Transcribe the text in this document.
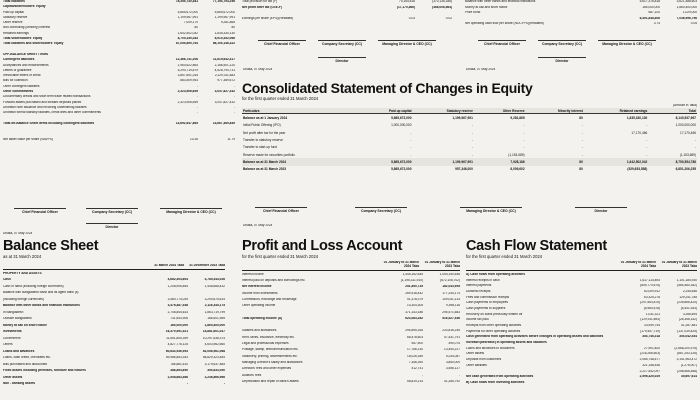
Total liabilities	78,355,740,481	77,194,794,256
Capital/shareholders' equity
Paid up capital	5,865,672,000	5,865,672,000
Statutory reserve	1,199,967,991	1,199,967,991
Other reserve	7,009,170	9,281,865
Non-controlling (Minority) interest	80	80
Retained earnings	1,642,502,042	1,835,330,130
Total shareholders' equity	8,700,150,283	8,910,352,066
Total liabilities and shareholders' equity	87,055,890,764	86,105,146,322
OFF-BALANCE SHEET ITEMS
Contingent liabilities	12,368,741,206	11,619,642,417
Acceptances and endorsements	1,960,622,864	2,186,501,120
Letters of guarantee	5,294,719,879	4,528,794,731
Irrevocable letters of credit	3,857,691,254	2,229,011,683
Bills for collection	883,509,953	977,389,672
Other contingent liabilities	-	-
Other commitments	2,323,906,659	3,047,827,432
Documentary credits and short term trade related transactions	-	-
Forward assets purchased and forward deposits placed	2,323,906,659	3,047,827,432
Undrawn note issuance and revolving underwriting facilities	-	-
Undrawn formal standby facilities, credit lines and other commitments	-	-
Total off-Balance Sheet items including contingent liabilities	14,692,647,865	14,667,469,849
Net asset value per share (NAVPS)	13.26	11.79
Total provision for tax (F)	70,164,616	(370,136,188)
Net profit after tax (G=E-F)	(17,170,466)	(468,006,564)
Earnings per share (EPS)(Restated)	0.03	0.02
Balance with other banks and financial institutions	5,617,376,818	3,621,488,603
Money at call and short notice	165,000,000	1,860,400,000
Prize bond	687,100	1,029,000
6,491,848,806	7,046,996,796
Net operating cash flow per share (NOCFPS)(Restated)	3.74	0.05
Chief Financial Officer	Company Secretary (CC)	Managing Director & CEO (CC)
Director
Dhaka, 07 May 2024
Chief Financial Officer	Company Secretary (CC)	Managing Director & CEO (CC)
Director
Dhaka, 07 May 2024
Consolidated Statement of Changes in Equity
for the first quarter ended 31 March 2024
(Amount in Taka)
Particulars	Paid up capital	Statutory reserve	Other Reserve	Minority interest	Retained earnings	Total
Balance as at 1 January 2024	5,865,672,000	1,199,967,991	9,281,865	80	1,835,330,130	8,140,537,967
Initial Public Offering (IPO)	1,000,000,000	-	-	-	-	1,000,000,000
Net profit after tax for the year	-	-	-	-	17,170,466	17,170,466
Transfer to statutory reserve	-	-	-	-	-	-
Transfer to start-up fund	-	-	-	-	-	-
Reserve made for securities portfolio	-	-	(1,153,689)	-	-	(1,153,689)
Balance as at 31 March 2024	5,865,672,000	1,199,967,991	7,928,186	80	1,642,502,042	8,750,554,786
Balance as at 31 March 2023	5,865,672,000	957,346,000	8,009,602	80	(529,653,558)	6,851,206,255
Chief Financial Officer	Company Secretary (CC)	Managing Director & CEO (CC)
Director
Dhaka, 07 May 2024
Chief Financial Officer	Company Secretary (CC)	Managing Director & CEO (CC)	Director
Dhaka, 07 May 2024
Balance Sheet
as at 31 March 2024
31 March 2024 Taka	31 December 2023 Taka
PROPERTY AND ASSETS
Cash	4,682,304,604	4,785,344,026
Cash in hand (including foreign currencies)	1,208,906,854	1,448,668,432
Balance with Bangladesh Bank and its agent bank (s)
(including foreign currencies)	3,480,774,039	3,290,675,614
Balance with other banks and financial institutions	3,476,487,538	2,116,345,175
In Bangladesh	2,746,844,633	1,863,719,799
Outside Bangladesh	731,643,906	166,601,989
Money at call on short notice	165,000,000	1,860,400,000
Investments	16,379,591,521	14,881,601,037
Government	11,551,805,399	10,297,636,374
Others	4,827,776,125	4,603,962,660
Loans and advances	60,843,936,953	62,008,961,068
Loans, cash credit, overdrafts etc.	59,986,853,343	58,829,323,484
Bills purchased and discounted	786,881,610	3,179,637,584
Fixed assets including premises, furniture and fixtures	388,894,690	394,633,050
Other assets	2,558,683,466	2,246,866,966
Non - banking assets	-	-
Profit and Loss Account
for the first quarter ended 31 March 2024
01 January to 31 March 2024 Taka
01 January to 31 March 2023 Taka
Interest income	1,445,162,645	1,054,150,648
Interest paid on deposits and borrowings etc.	(1,195,311,910)	(672,106,702)
Net interest income	251,850,735	182,043,955
Income from investments	269,918,442	177,244,174
Commission, exchange and brokerage	91,378,379	109,041,133
Other operating income	14,304,305	9,498,116
371,143,186	295,571,683
Total operating income (A)	623,083,282	516,527,536
Salaries and allowances	295,895,165	233,816,245
Rent, taxes, insurance, electricity etc.	66,478,603	47,431,791
Legal and professional expenses	557,500	490,075
Postage, stamp, telecommunication etc.	17,766,130	13,440,227
Stationery, printing, advertisements etc.	18,026,359	9,244,087
Managing Director's salary and allowances	7,346,390	3,850,000
Directors' fees and other expenses	412,741	3,556,127
Auditors' fees	-	-
Depreciation and repair of bank's assets	58,819,214	41,285,792
Cash Flow Statement
for the first quarter ended 31 March 2024
01 January to 31 March 2024 Taka
01 January to 31 March 2023 Taka
A) Cash flows from operating activities
Interest receipts in cash	1,617,114,893	1,101,184,930
Interest payments	(809,770,675)	(564,480,182)
Dividend receipts	62,009,912	2,245,646
Fees and commission receipts	63,325,278	129,241,785
Cash payments to employees	(297,563,875)	(239,866,420)
Cash payments to suppliers	(5,980,678)	(5,441,933)
Recovery on loans previously written off	1,031,321	3,266,694
Income tax paid	(129,911,893)	(26,356,142)
Receipts from other operating activities	33,949,754	41,287,581
Payments for other operating activities	(179,457,719)	(137,039,425)
Cash generated from operating activities before changes in operating assets and liabilities	354,746,318	304,042,534
Increase/(decrease) in operating assets and liabilities
Loans and advances to customers	27,901,820	(2,668,200,975)
Other assets	(216,266,603)	(667,253,126)
Deposits from customers	2,085,748,677	3,141,963,472
Other liabilities	321,158,536	(1,276,007)
2,217,542,097	(258,568,558)
Net cash generated from operating activities	2,596,325,029	45,697,614
B) Cash flows from investing activities
